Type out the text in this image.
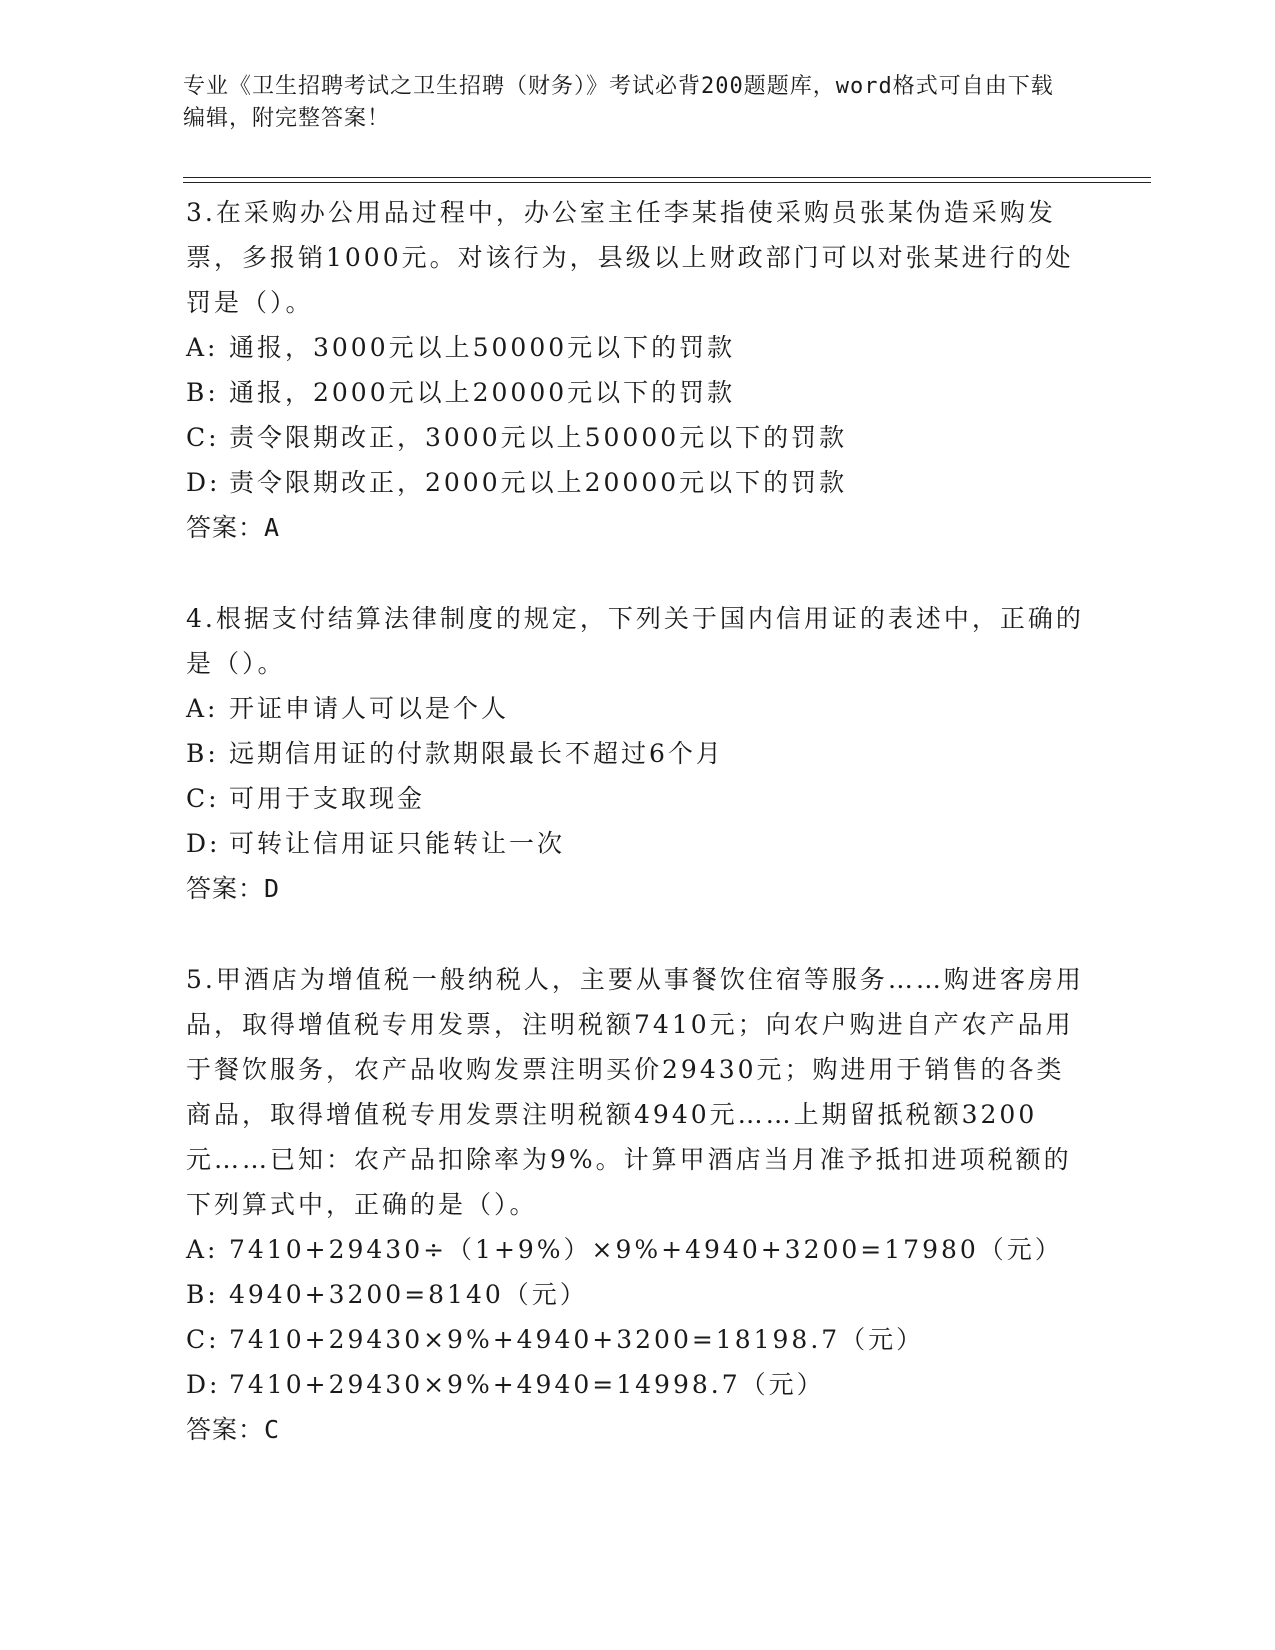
专业《卫生招聘考试之卫生招聘（财务）》考试必背200题题库，word格式可自由下载编辑，附完整答案！
3.在采购办公用品过程中，办公室主任李某指使采购员张某伪造采购发票，多报销1000元。对该行为，县级以上财政部门可以对张某进行的处罚是（）。
A: 通报，3000元以上50000元以下的罚款
B: 通报，2000元以上20000元以下的罚款
C: 责令限期改正，3000元以上50000元以下的罚款
D: 责令限期改正，2000元以上20000元以下的罚款
答案：A
4.根据支付结算法律制度的规定，下列关于国内信用证的表述中，正确的是（）。
A: 开证申请人可以是个人
B: 远期信用证的付款期限最长不超过6个月
C: 可用于支取现金
D: 可转让信用证只能转让一次
答案：D
5.甲酒店为增值税一般纳税人，主要从事餐饮住宿等服务……购进客房用品，取得增值税专用发票，注明税额7410元；向农户购进自产农产品用于餐饮服务，农产品收购发票注明买价29430元；购进用于销售的各类商品，取得增值税专用发票注明税额4940元……上期留抵税额3200元……已知：农产品扣除率为9%。计算甲酒店当月准予抵扣进项税额的下列算式中，正确的是（）。
A: 7410+29430÷（1+9%）×9%+4940+3200=17980（元）
B: 4940+3200=8140（元）
C: 7410+29430×9%+4940+3200=18198.7（元）
D: 7410+29430×9%+4940=14998.7（元）
答案：C
